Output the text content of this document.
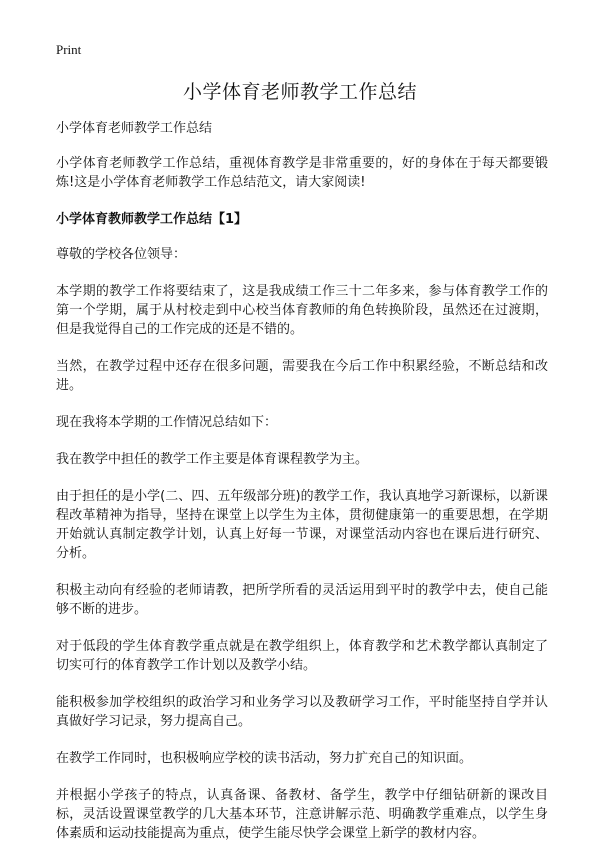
Print
小学体育老师教学工作总结

小学体育老师教学工作总结

小学体育老师教学工作总结，重视体育教学是非常重要的，好的身体在于每天都要锻炼!这是小学体育老师教学工作总结范文，请大家阅读!

小学体育教师教学工作总结【1】

尊敬的学校各位领导：

本学期的教学工作将要结束了，这是我成绩工作三十二年多来，参与体育教学工作的第一个学期，属于从村校走到中心校当体育教师的角色转换阶段，虽然还在过渡期，但是我觉得自己的工作完成的还是不错的。

当然，在教学过程中还存在很多问题，需要我在今后工作中积累经验，不断总结和改进。

现在我将本学期的工作情况总结如下：

我在教学中担任的教学工作主要是体育课程教学为主。

由于担任的是小学(二、四、五年级部分班)的教学工作，我认真地学习新课标，以新课程改革精神为指导，坚持在课堂上以学生为主体，贯彻健康第一的重要思想，在学期开始就认真制定教学计划，认真上好每一节课，对课堂活动内容也在课后进行研究、分析。

积极主动向有经验的老师请教，把所学所看的灵活运用到平时的教学中去，使自己能够不断的进步。

对于低段的学生体育教学重点就是在教学组织上，体育教学和艺术教学都认真制定了切实可行的体育教学工作计划以及教学小结。

能积极参加学校组织的政治学习和业务学习以及教研学习工作，平时能坚持自学并认真做好学习记录，努力提高自己。

在教学工作同时，也积极响应学校的读书活动，努力扩充自己的知识面。

并根据小学孩子的特点，认真备课、备教材、备学生，教学中仔细钻研新的课改目标，灵活设置课堂教学的几大基本环节，注意讲解示范、明确教学重难点，以学生身体素质和运动技能提高为重点，使学生能尽快学会课堂上新学的教材内容。
